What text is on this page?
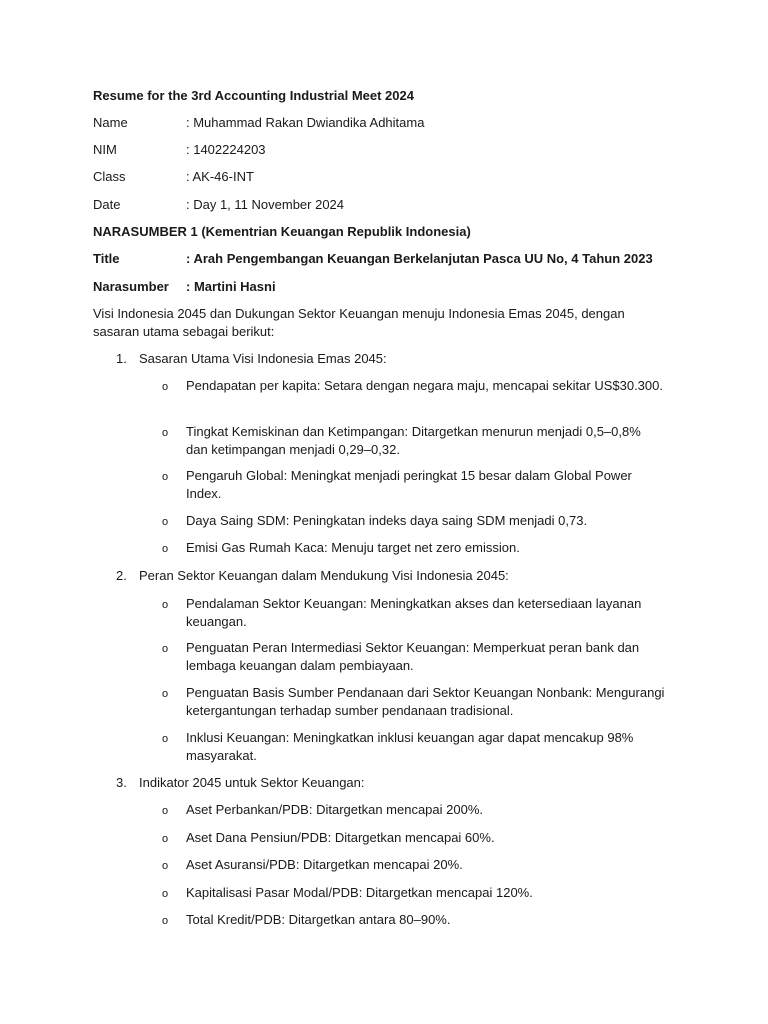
Resume for the 3rd Accounting Industrial Meet 2024
Name	: Muhammad Rakan Dwiandika Adhitama
NIM	: 1402224203
Class	: AK-46-INT
Date	: Day 1, 11 November 2024
NARASUMBER 1 (Kementrian Keuangan Republik Indonesia)
Title	: Arah Pengembangan Keuangan Berkelanjutan Pasca UU No, 4 Tahun 2023
Narasumber : Martini Hasni
Visi Indonesia 2045 dan Dukungan Sektor Keuangan menuju Indonesia Emas 2045, dengan sasaran utama sebagai berikut:
1. Sasaran Utama Visi Indonesia Emas 2045:
o Pendapatan per kapita: Setara dengan negara maju, mencapai sekitar US$30.300.
o Tingkat Kemiskinan dan Ketimpangan: Ditargetkan menurun menjadi 0,5–0,8% dan ketimpangan menjadi 0,29–0,32.
o Pengaruh Global: Meningkat menjadi peringkat 15 besar dalam Global Power Index.
o Daya Saing SDM: Peningkatan indeks daya saing SDM menjadi 0,73.
o Emisi Gas Rumah Kaca: Menuju target net zero emission.
2. Peran Sektor Keuangan dalam Mendukung Visi Indonesia 2045:
o Pendalaman Sektor Keuangan: Meningkatkan akses dan ketersediaan layanan keuangan.
o Penguatan Peran Intermediasi Sektor Keuangan: Memperkuat peran bank dan lembaga keuangan dalam pembiayaan.
o Penguatan Basis Sumber Pendanaan dari Sektor Keuangan Nonbank: Mengurangi ketergantungan terhadap sumber pendanaan tradisional.
o Inklusi Keuangan: Meningkatkan inklusi keuangan agar dapat mencakup 98% masyarakat.
3. Indikator 2045 untuk Sektor Keuangan:
o Aset Perbankan/PDB: Ditargetkan mencapai 200%.
o Aset Dana Pensiun/PDB: Ditargetkan mencapai 60%.
o Aset Asuransi/PDB: Ditargetkan mencapai 20%.
o Kapitalisasi Pasar Modal/PDB: Ditargetkan mencapai 120%.
o Total Kredit/PDB: Ditargetkan antara 80–90%.
